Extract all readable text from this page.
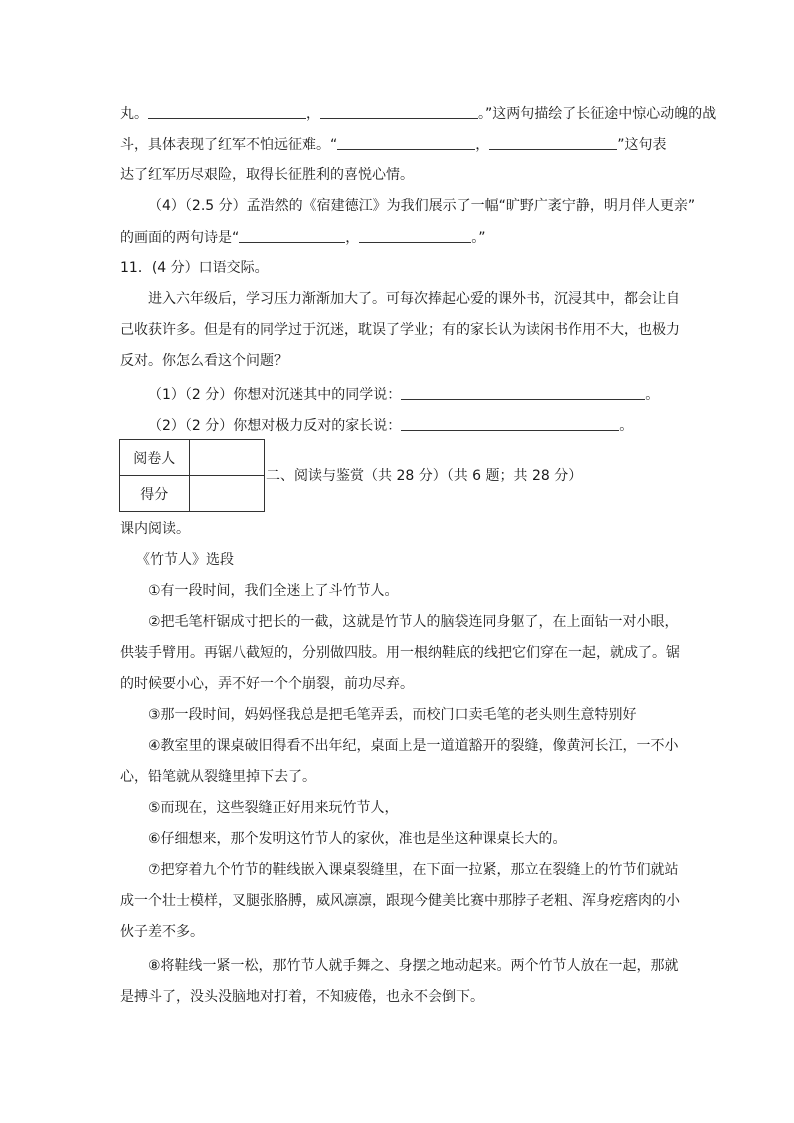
丸。	，	。”这两句描绘了长征途中惊心动魄的战
斗，具体表现了红军不怕远征难。“	，	”这句表
达了红军历尽艰险，取得长征胜利的喜悦心情。
（4）（2.5 分）孟浩然的《宿建德江》为我们展示了一幅“旷野广袤宁静，明月伴人更亲”
的画面的两句诗是“	，	。”
11．(4 分）口语交际。
进入六年级后，学习压力渐渐加大了。可每次捧起心爱的课外书，沉浸其中，都会让自
己收获许多。但是有的同学过于沉迷，耽误了学业；有的家长认为读闲书作用不大，也极力
反对。你怎么看这个问题？
（1）（2 分）你想对沉迷其中的同学说：	。
（2）（2 分）你想对极力反对的家长说：	。
阅卷人	
得分	
二、阅读与鉴赏（共 28 分）（共 6 题；共 28 分）
课内阅读。
《竹节人》选段
①有一段时间，我们全迷上了斗竹节人。
②把毛笔杆锯成寸把长的一截，这就是竹节人的脑袋连同身躯了，在上面钻一对小眼，
供装手臂用。再锯八截短的，分别做四肢。用一根纳鞋底的线把它们穿在一起，就成了。锯
的时候要小心，弄不好一个个崩裂，前功尽弃。
③那一段时间，妈妈怪我总是把毛笔弄丢，而校门口卖毛笔的老头则生意特别好
④教室里的课桌破旧得看不出年纪，桌面上是一道道豁开的裂缝，像黄河长江，一不小
心，铅笔就从裂缝里掉下去了。
⑤而现在，这些裂缝正好用来玩竹节人，
⑥仔细想来，那个发明这竹节人的家伙，准也是坐这种课桌长大的。
⑦把穿着九个竹节的鞋线嵌入课桌裂缝里，在下面一拉紧，那立在裂缝上的竹节们就站
成一个壮士模样，叉腿张胳膊，威风凛凛，跟现今健美比赛中那脖子老粗、浑身疙瘩肉的小
伙子差不多。
⑧将鞋线一紧一松，那竹节人就手舞之、身摆之地动起来。两个竹节人放在一起，那就
是搏斗了，没头没脑地对打着，不知疲倦，也永不会倒下。
